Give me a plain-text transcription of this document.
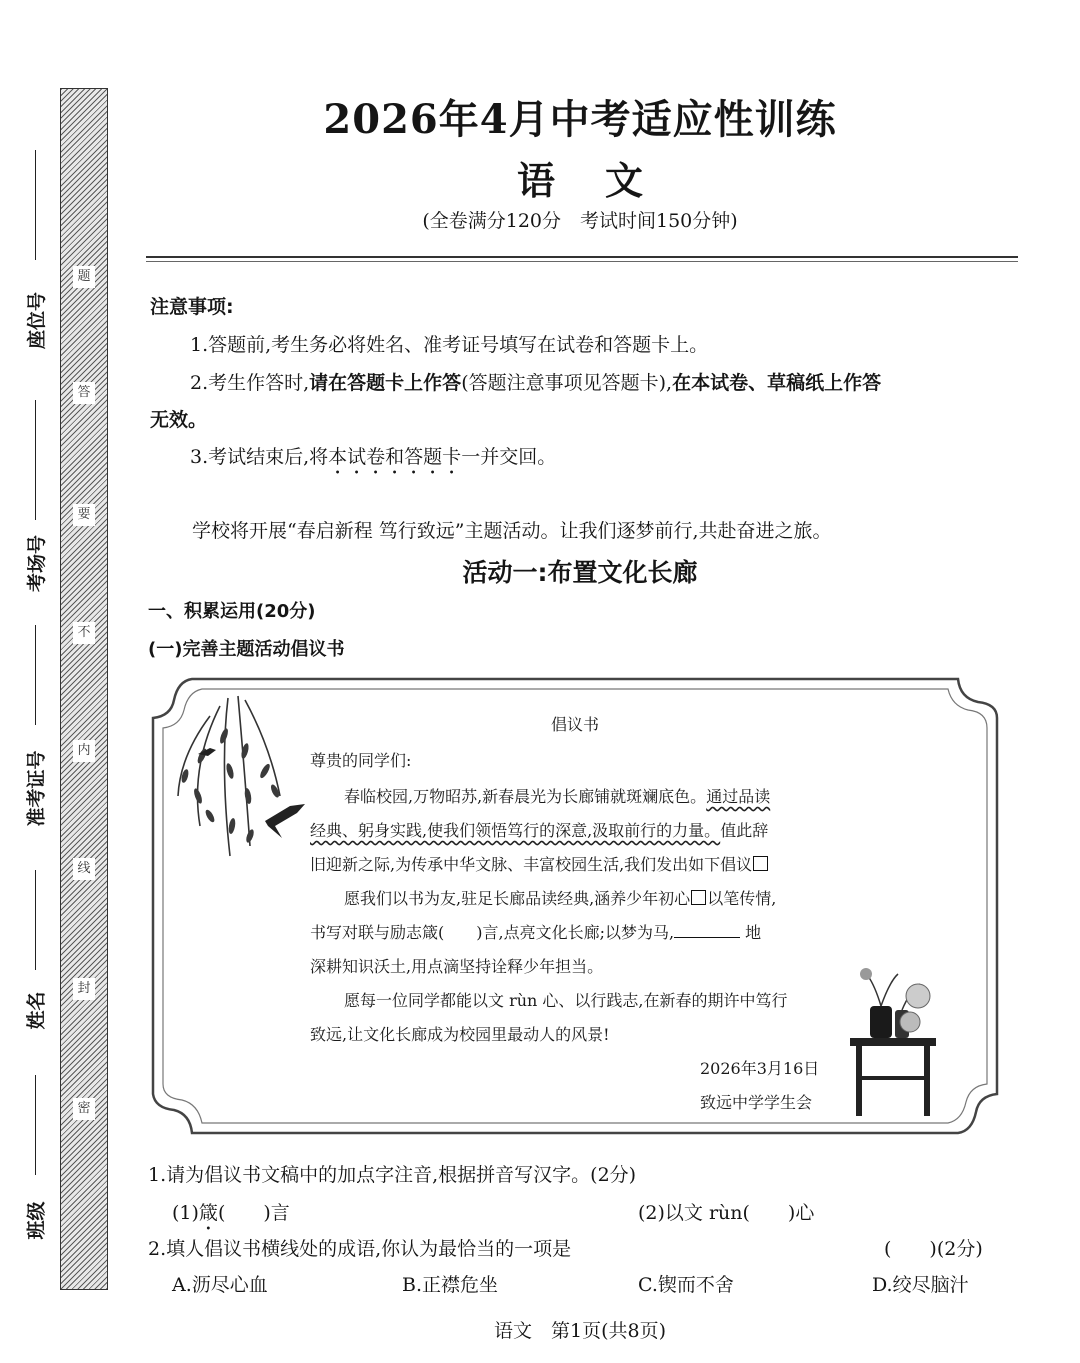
题
答
要
不
内
线
封
密
座位号
考场号
准考证号
姓名
班级
2026年4月中考适应性训练
语文
(全卷满分120分　考试时间150分钟)
注意事项:
1.答题前,考生务必将姓名、准考证号填写在试卷和答题卡上。
2.考生作答时,请在答题卡上作答(答题注意事项见答题卡),在本试卷、草稿纸上作答
无效。
3.考试结束后,将本试卷和答题卡一并交回。
学校将开展“春启新程 笃行致远”主题活动。让我们逐梦前行,共赴奋进之旅。
活动一:布置文化长廊
一、积累运用(20分)
(一)完善主题活动倡议书
倡议书
尊贵的同学们:
春临校园,万物昭苏,新春晨光为长廊铺就斑斓底色。通过品读
经典、躬身实践,使我们领悟笃行的深意,汲取前行的力量。值此辞
旧迎新之际,为传承中华文脉、丰富校园生活,我们发出如下倡议
愿我们以书为友,驻足长廊品读经典,涵养少年初心 以笔传情,
书写对联与励志箴(　　)言,点亮文化长廊;以梦为马,	地
深耕知识沃土,用点滴坚持诠释少年担当。
愿每一位同学都能以文 rùn 心、以行践志,在新春的期许中笃行
致远,让文化长廊成为校园里最动人的风景!
2026年3月16日
致远中学学生会
1.请为倡议书文稿中的加点字注音,根据拼音写汉字。(2分)
(1)箴(　　)言	(2)以文 rùn(　　)心
2.填人倡议书横线处的成语,你认为最恰当的一项是	(　　)(2分)
A.沥尽心血	B.正襟危坐	C.锲而不舍	D.绞尽脑汁
语文　第1页(共8页)
